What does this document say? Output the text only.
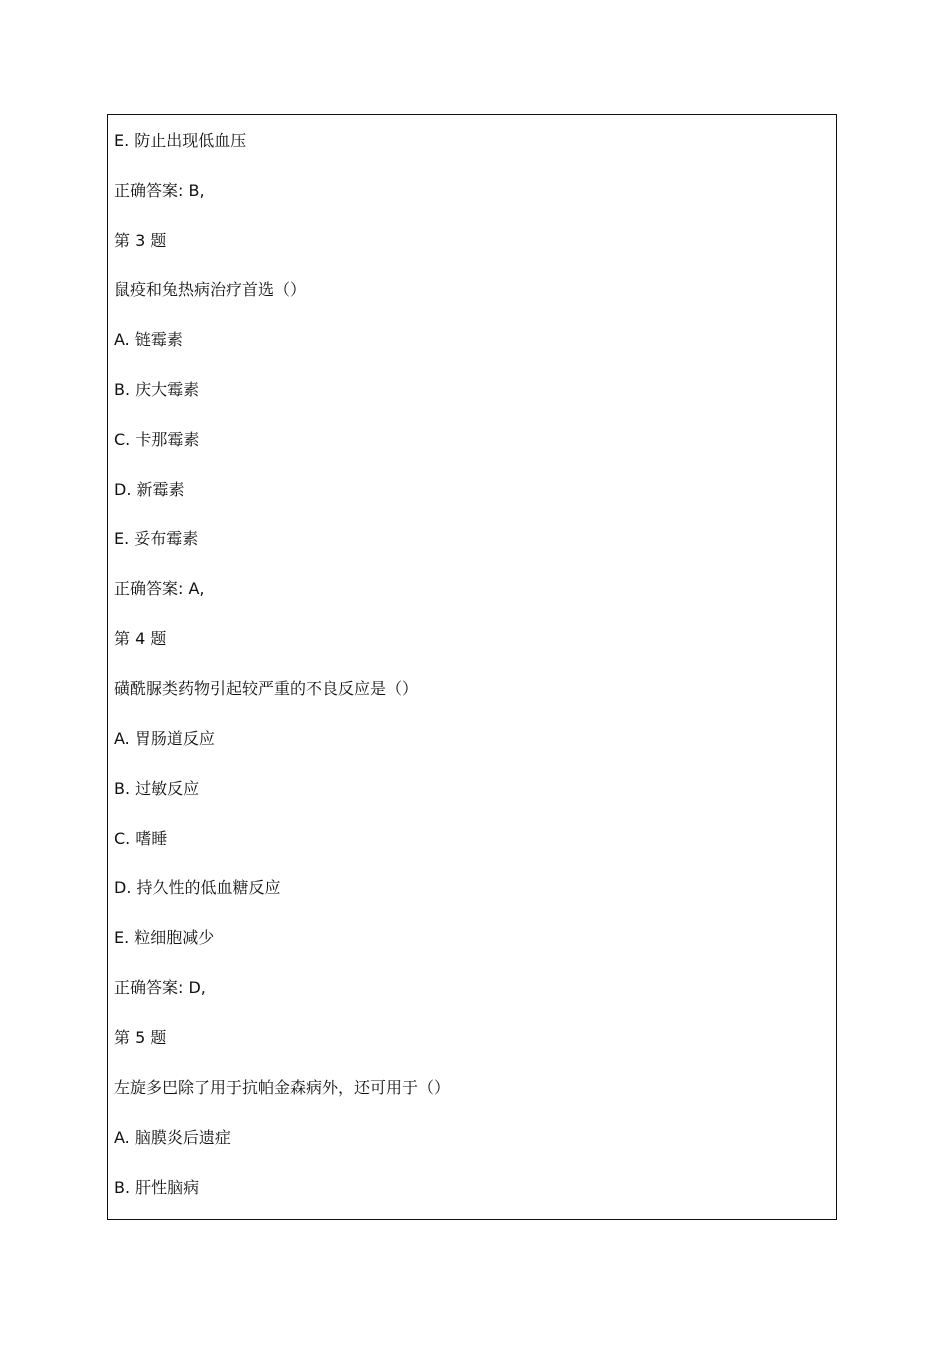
E. 防止出现低血压
正确答案: B,
第 3 题
鼠疫和兔热病治疗首选（）
A. 链霉素
B. 庆大霉素
C. 卡那霉素
D. 新霉素
E. 妥布霉素
正确答案: A,
第 4 题
磺酰脲类药物引起较严重的不良反应是（）
A. 胃肠道反应
B. 过敏反应
C. 嗜睡
D. 持久性的低血糖反应
E. 粒细胞减少
正确答案: D,
第 5 题
左旋多巴除了用于抗帕金森病外，还可用于（）
A. 脑膜炎后遗症
B. 肝性脑病
